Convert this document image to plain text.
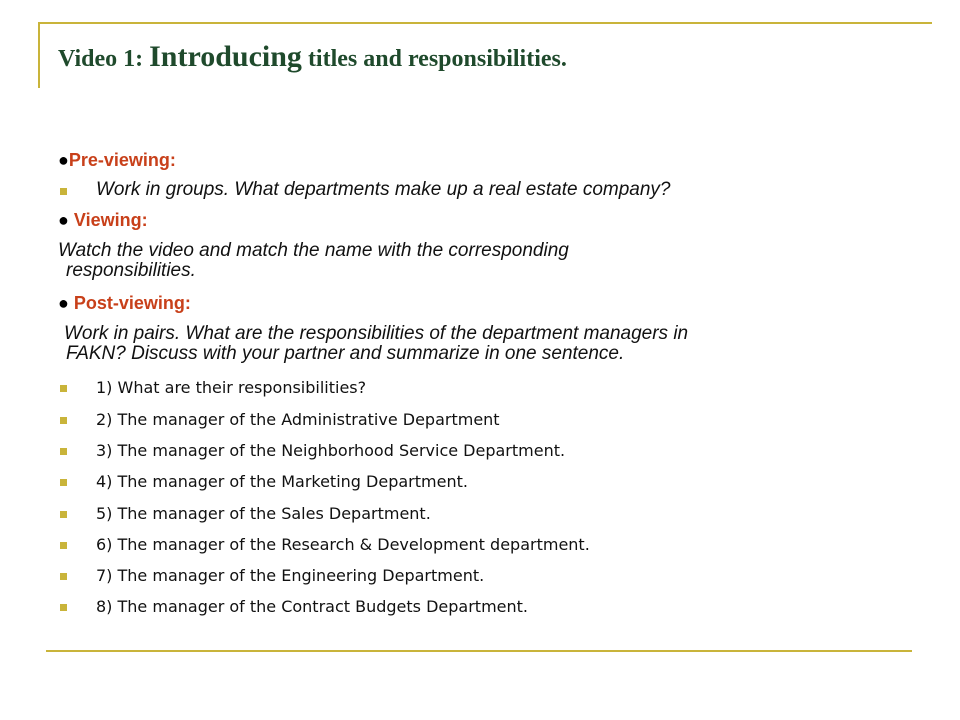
Video 1: Introducing titles and responsibilities.
●Pre-viewing:
Work in groups. What departments make up a real estate company?
● Viewing:
Watch the video and match the name with the corresponding
responsibilities.
● Post-viewing:
Work in pairs. What are the responsibilities of the department managers in
FAKN? Discuss with your partner and summarize in one sentence.
1) What are their responsibilities?
2) The manager of the Administrative Department
3) The manager of the Neighborhood Service Department.
4) The manager of the Marketing Department.
5) The manager of the Sales Department.
6) The manager of the Research & Development department.
7) The manager of the Engineering Department.
8) The manager of the Contract Budgets Department.
